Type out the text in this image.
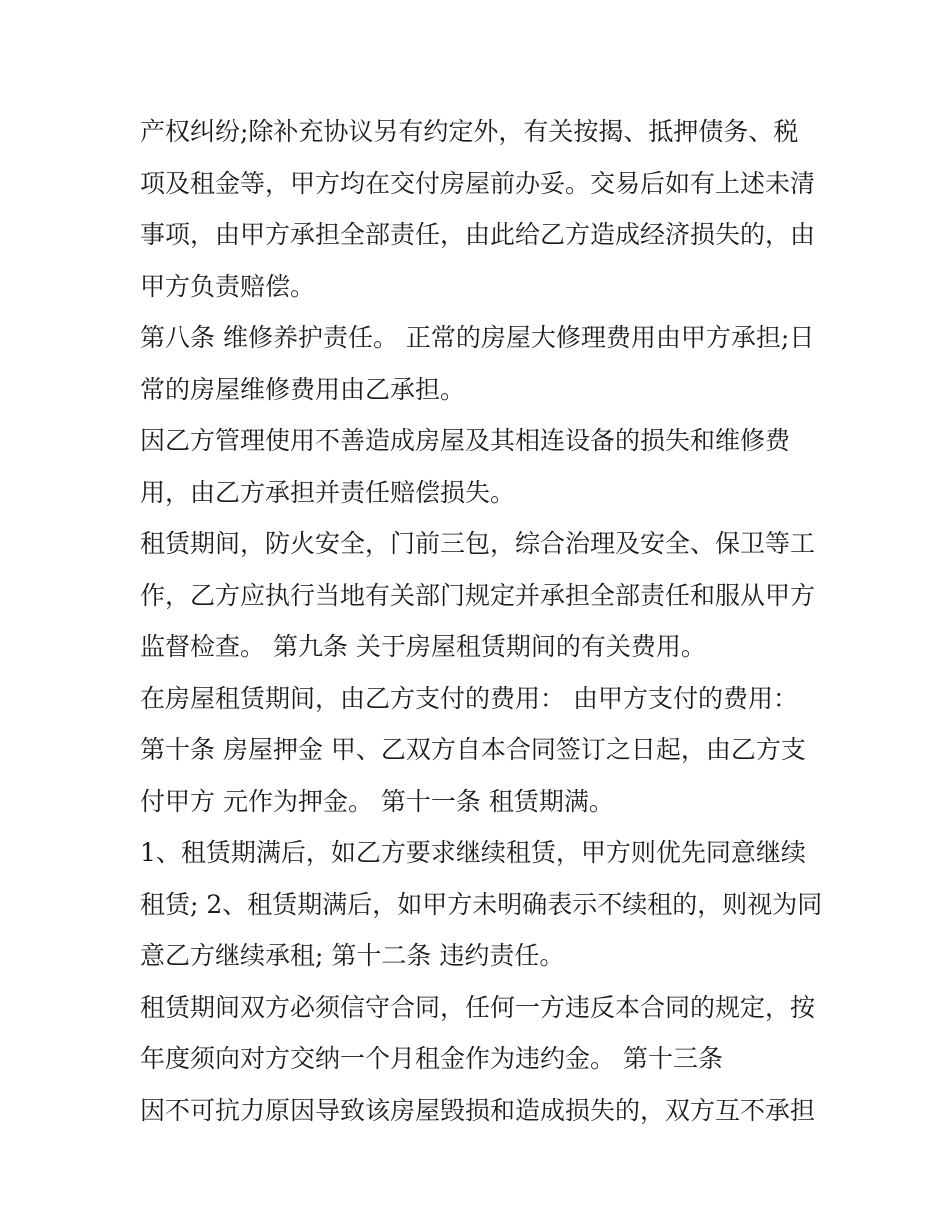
产权纠纷;除补充协议另有约定外，有关按揭、抵押债务、税
项及租金等，甲方均在交付房屋前办妥。交易后如有上述未清
事项，由甲方承担全部责任，由此给乙方造成经济损失的，由
甲方负责赔偿。
第八条 维修养护责任。 正常的房屋大修理费用由甲方承担;日
常的房屋维修费用由乙承担。
因乙方管理使用不善造成房屋及其相连设备的损失和维修费
用，由乙方承担并责任赔偿损失。
租赁期间，防火安全，门前三包，综合治理及安全、保卫等工
作，乙方应执行当地有关部门规定并承担全部责任和服从甲方
监督检查。 第九条 关于房屋租赁期间的有关费用。
在房屋租赁期间，由乙方支付的费用： 由甲方支付的费用：
第十条 房屋押金 甲、乙双方自本合同签订之日起，由乙方支
付甲方 元作为押金。 第十一条 租赁期满。
1、租赁期满后，如乙方要求继续租赁，甲方则优先同意继续
租赁; 2、租赁期满后，如甲方未明确表示不续租的，则视为同
意乙方继续承租; 第十二条 违约责任。
租赁期间双方必须信守合同，任何一方违反本合同的规定，按
年度须向对方交纳一个月租金作为违约金。 第十三条
因不可抗力原因导致该房屋毁损和造成损失的，双方互不承担
